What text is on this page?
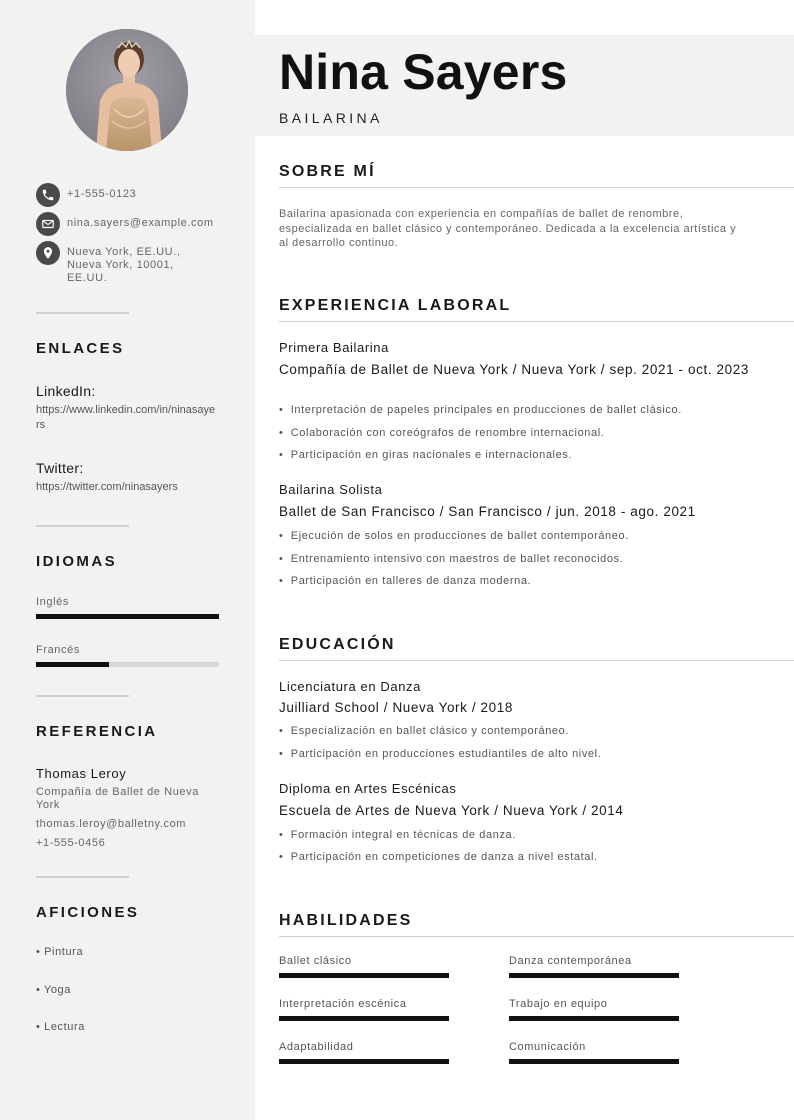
+1-555-0123
nina.sayers@example.com
Nueva York, EE.UU., Nueva York, 10001, EE.UU.
ENLACES
LinkedIn:
https://www.linkedin.com/in/ninasayers
Twitter:
https://twitter.com/ninasayers
IDIOMAS
Inglés
Francés
REFERENCIA
Thomas Leroy
Compañía de Ballet de Nueva York
thomas.leroy@balletny.com
+1-555-0456
AFICIONES
• Pintura
• Yoga
• Lectura
Nina Sayers
BAILARINA
SOBRE MÍ
Bailarina apasionada con experiencia en compañías de ballet de renombre, especializada en ballet clásico y contemporáneo. Dedicada a la excelencia artística y al desarrollo continuo.
EXPERIENCIA LABORAL
Primera Bailarina
Compañía de Ballet de Nueva York / Nueva York / sep. 2021 - oct. 2023
•  Interpretación de papeles principales en producciones de ballet clásico.
•  Colaboración con coreógrafos de renombre internacional.
•  Participación en giras nacionales e internacionales.
Bailarina Solista
Ballet de San Francisco / San Francisco / jun. 2018 - ago. 2021
•  Ejecución de solos en producciones de ballet contemporáneo.
•  Entrenamiento intensivo con maestros de ballet reconocidos.
•  Participación en talleres de danza moderna.
EDUCACIÓN
Licenciatura en Danza
Juilliard School / Nueva York / 2018
•  Especialización en ballet clásico y contemporáneo.
•  Participación en producciones estudiantiles de alto nivel.
Diploma en Artes Escénicas
Escuela de Artes de Nueva York / Nueva York / 2014
•  Formación integral en técnicas de danza.
•  Participación en competiciones de danza a nivel estatal.
HABILIDADES
Ballet clásico	Danza contemporánea
Interpretación escénica	Trabajo en equipo
Adaptabilidad	Comunicación
